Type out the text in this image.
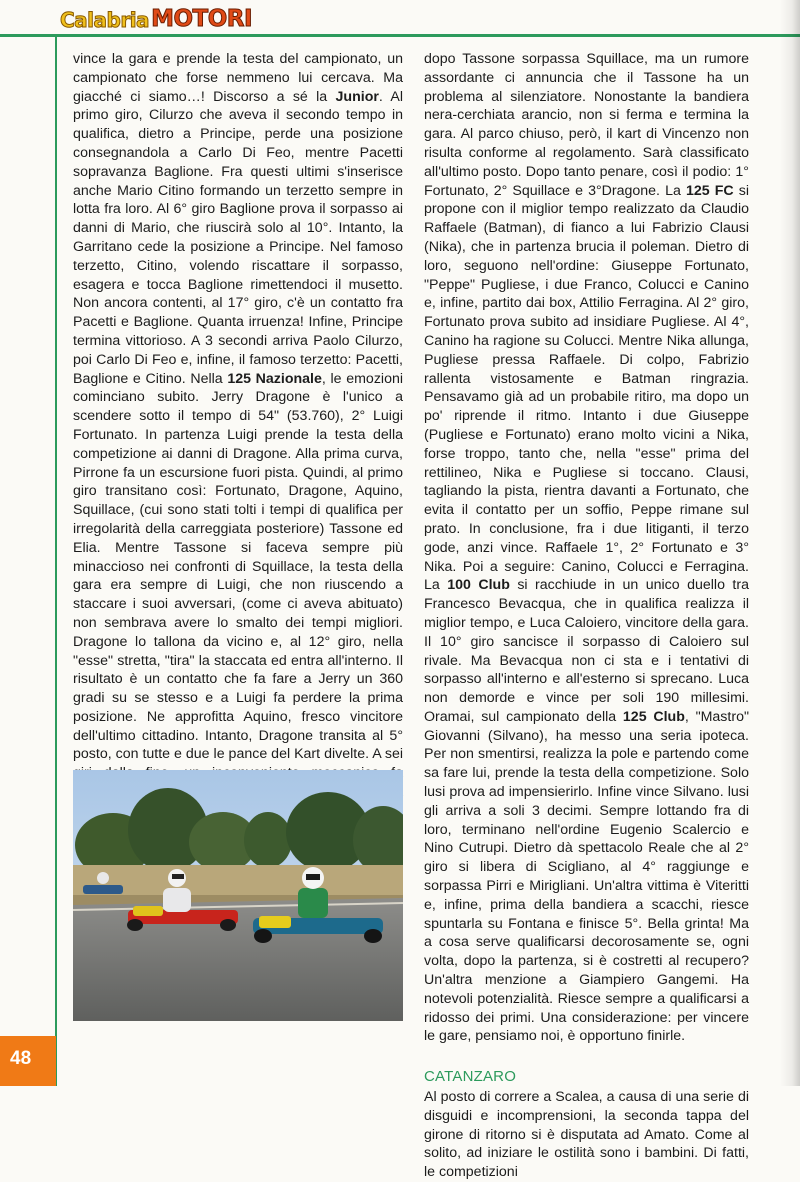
Calabria MOTORI

vince la gara e prende la testa del campionato, un campionato che forse nemmeno lui cercava. Ma giacché ci siamo…! Discorso a sé la Junior. Al primo giro, Cilurzo che aveva il secondo tempo in qualifica, dietro a Principe, perde una posizione consegnandola a Carlo Di Feo, mentre Pacetti sopravanza Baglione. Fra questi ultimi s'inserisce anche Mario Citino formando un terzetto sempre in lotta fra loro. Al 6° giro Baglione prova il sorpasso ai danni di Mario, che riuscirà solo al 10°. Intanto, la Garritano cede la posizione a Principe. Nel famoso terzetto, Citino, volendo riscattare il sorpasso, esagera e tocca Baglione rimettendoci il musetto. Non ancora contenti, al 17° giro, c'è un contatto fra Pacetti e Baglione. Quanta irruenza! Infine, Principe termina vittorioso. A 3 secondi arriva Paolo Cilurzo, poi Carlo Di Feo e, infine, il famoso terzetto: Pacetti, Baglione e Citino. Nella 125 Nazionale, le emozioni cominciano subito. Jerry Dragone è l'unico a scendere sotto il tempo di 54" (53.760), 2° Luigi Fortunato. In partenza Luigi prende la testa della competizione ai danni di Dragone. Alla prima curva, Pirrone fa un escursione fuori pista. Quindi, al primo giro transitano così: Fortunato, Dragone, Aquino, Squillace, (cui sono stati tolti i tempi di qualifica per irregolarità della carreggiata posteriore) Tassone ed Elia. Mentre Tassone si faceva sempre più minaccioso nei confronti di Squillace, la testa della gara era sempre di Luigi, che non riuscendo a staccare i suoi avversari, (come ci aveva abituato) non sembrava avere lo smalto dei tempi migliori. Dragone lo tallona da vicino e, al 12° giro, nella "esse" stretta, "tira" la staccata ed entra all'interno. Il risultato è un contatto che fa fare a Jerry un 360 gradi su se stesso e a Luigi fa perdere la prima posizione. Ne approfitta Aquino, fresco vincitore dell'ultimo cittadino. Intanto, Dragone transita al 5° posto, con tutte e due le pance del Kart divelte. A sei

dopo Tassone sorpassa Squillace, ma un rumore assordante ci annuncia che il Tassone ha un problema al silenziatore. Nonostante la bandiera nera-cerchiata arancio, non si ferma e termina la gara. Al parco chiuso, però, il kart di Vincenzo non risulta conforme al regolamento. Sarà classificato all'ultimo posto. Dopo tanto penare, così il podio: 1° Fortunato, 2° Squillace e 3°Dragone. La 125 FC si propone con il miglior tempo realizzato da Claudio Raffaele (Batman), di fianco a lui Fabrizio Clausi (Nika), che in partenza brucia il poleman. Dietro di loro, seguono nell'ordine: Giuseppe Fortunato, "Peppe" Pugliese, i due Franco, Colucci e Canino e, infine, partito dai box, Attilio Ferragina. Al 2° giro, Fortunato prova subito ad insidiare Pugliese. Al 4°, Canino ha ragione su Colucci. Mentre Nika allunga, Pugliese pressa Raffaele. Di colpo, Fabrizio rallenta vistosamente e Batman ringrazia. Pensavamo già ad un probabile ritiro, ma dopo un po' riprende il ritmo. Intanto i due Giuseppe (Pugliese e Fortunato) erano molto vicini a Nika, forse troppo, tanto che, nella "esse" prima del rettilineo, Nika e Pugliese si toccano. Clausi, tagliando la pista, rientra davanti a Fortunato, che evita il contatto per un soffio, Peppe rimane sul prato. In conclusione, fra i due litiganti, il terzo gode, anzi vince. Raffaele 1°, 2° Fortunato e 3° Nika. Poi a seguire: Canino, Colucci e Ferragina. La 100 Club si racchiude in un unico duello tra Francesco Bevacqua, che in qualifica realizza il miglior tempo, e Luca Caloiero, vincitore della gara. Il 10° giro sancisce il sorpasso di Caloiero sul rivale. Ma Bevacqua non ci sta e i tentativi di sorpasso all'interno e all'esterno si sprecano. Luca non demorde e vince per soli 190 millesimi. Oramai, sul campionato della 125 Club, "Mastro" Giovanni (Silvano), ha messo una seria ipoteca. Per non smentirsi, realizza la pole e partendo come sa fare lui, prende la testa della competizione. Solo lusi prova ad impensierirlo. Infine vince Silvano. lusi gli arriva a soli 3 decimi. Sempre lottando fra di loro, terminano nell'ordine Eugenio Scalercio e Nino Cutrupi. Dietro dà spettacolo Reale che al 2° giro si libera di Scigliano, al 4° raggiunge e sorpassa Pirri e Mirigliani. Un'altra vittima è Viteritti e, infine, prima della bandiera a scacchi, riesce spuntarla su Fontana e finisce 5°. Bella grinta! Ma a cosa serve qualificarsi decorosamente se, ogni volta, dopo la partenza, si è costretti al recupero? Un'altra menzione a Giampiero Gangemi. Ha notevoli potenzialità. Riesce sempre a qualificarsi a ridosso dei primi. Una considerazione: per vincere le gare, pensiamo noi, è opportuno finirle.

CATANZARO

Al posto di correre a Scalea, a causa di una serie di disguidi e incomprensioni, la seconda tappa del girone di ritorno si è disputata ad Amato. Come al solito, ad iniziare le ostilità sono i bambini. Di fatti, le competizioni

48
